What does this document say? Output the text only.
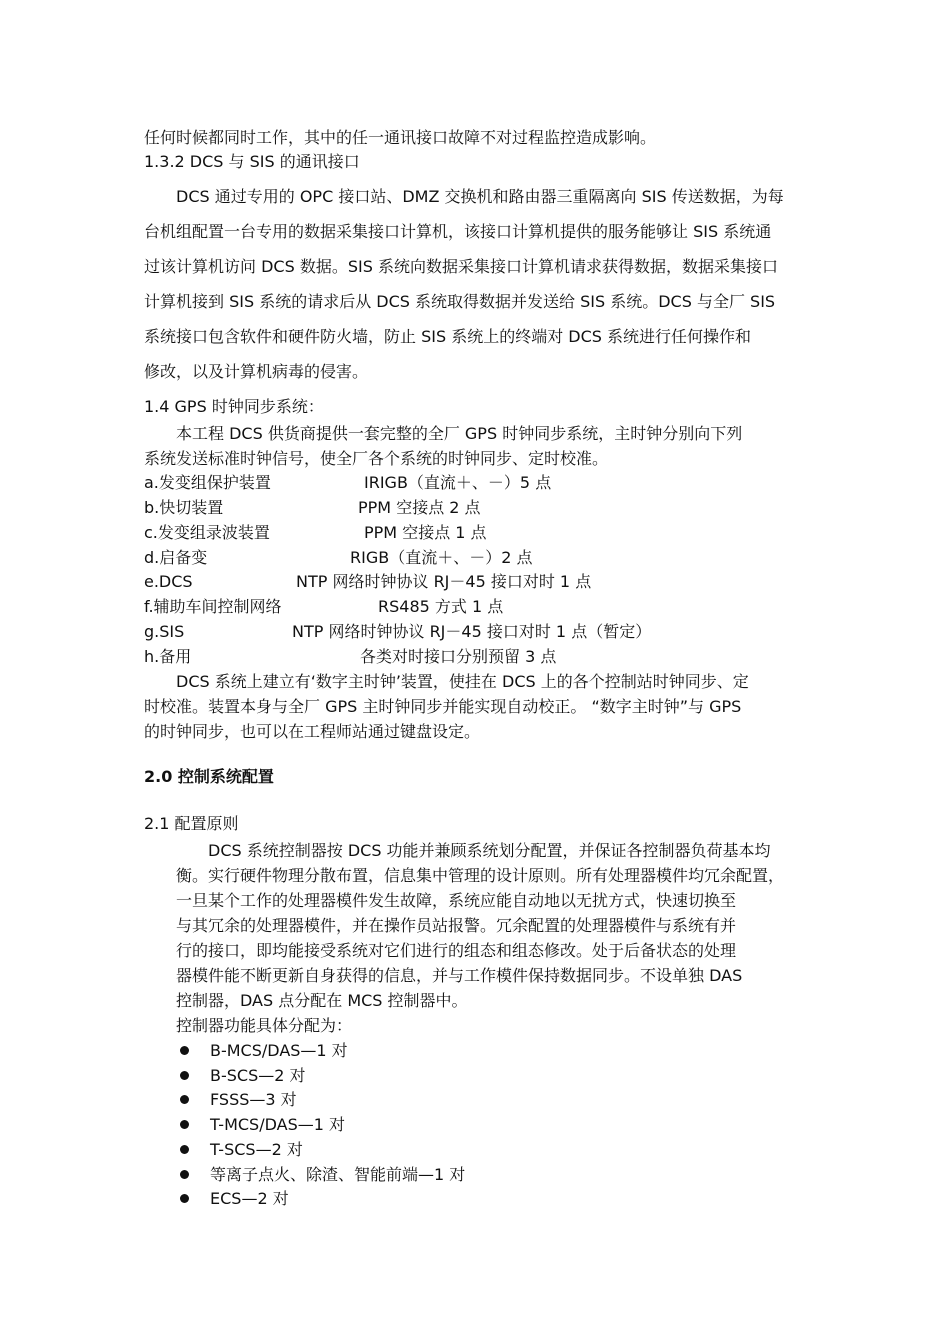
任何时候都同时工作，其中的任一通讯接口故障不对过程监控造成影响。
1.3.2 DCS 与 SIS 的通讯接口
DCS 通过专用的 OPC 接口站、DMZ 交换机和路由器三重隔离向 SIS 传送数据，为每
台机组配置一台专用的数据采集接口计算机，该接口计算机提供的服务能够让 SIS 系统通
过该计算机访问 DCS 数据。SIS 系统向数据采集接口计算机请求获得数据，数据采集接口
计算机接到 SIS 系统的请求后从 DCS 系统取得数据并发送给 SIS 系统。DCS 与全厂 SIS
系统接口包含软件和硬件防火墙，防止 SIS 系统上的终端对 DCS 系统进行任何操作和
修改，以及计算机病毒的侵害。
1.4 GPS 时钟同步系统：
本工程 DCS 供货商提供一套完整的全厂 GPS 时钟同步系统，主时钟分别向下列
系统发送标准时钟信号，使全厂各个系统的时钟同步、定时校准。
a.发变组保护装置	IRIGB（直流＋、－）5 点
b.快切装置	PPM 空接点 2 点
c.发变组录波装置	PPM 空接点 1 点
d.启备变	RIGB（直流＋、－）2 点
e.DCS	NTP 网络时钟协议 RJ－45 接口对时 1 点
f.辅助车间控制网络	RS485 方式 1 点
g.SIS	NTP 网络时钟协议 RJ－45 接口对时 1 点（暂定）
h.备用	各类对时接口分别预留 3 点
DCS 系统上建立有‘数字主时钟’装置，使挂在 DCS 上的各个控制站时钟同步、定
时校准。装置本身与全厂 GPS 主时钟同步并能实现自动校正。 “数字主时钟”与 GPS
的时钟同步，也可以在工程师站通过键盘设定。
2.0 控制系统配置
2.1 配置原则
DCS 系统控制器按 DCS 功能并兼顾系统划分配置，并保证各控制器负荷基本均
衡。实行硬件物理分散布置，信息集中管理的设计原则。所有处理器模件均冗余配置，
一旦某个工作的处理器模件发生故障，系统应能自动地以无扰方式，快速切换至
与其冗余的处理器模件，并在操作员站报警。冗余配置的处理器模件与系统有并
行的接口，即均能接受系统对它们进行的组态和组态修改。处于后备状态的处理
器模件能不断更新自身获得的信息，并与工作模件保持数据同步。不设单独 DAS
控制器，DAS 点分配在 MCS 控制器中。
控制器功能具体分配为：
B-MCS/DAS—1 对
B-SCS—2 对
FSSS—3 对
T-MCS/DAS—1 对
T-SCS—2 对
等离子点火、除渣、智能前端—1 对
ECS—2 对
